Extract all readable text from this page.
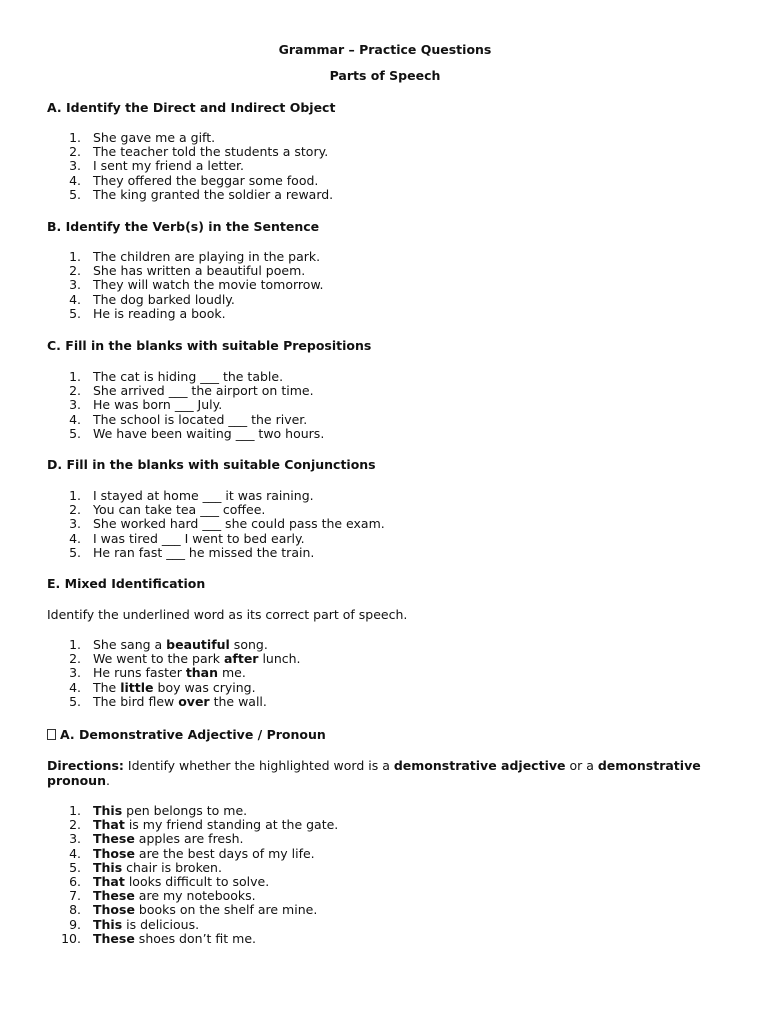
Grammar – Practice Questions
Parts of Speech
A. Identify the Direct and Indirect Object
1. She gave me a gift.
2. The teacher told the students a story.
3. I sent my friend a letter.
4. They offered the beggar some food.
5. The king granted the soldier a reward.
B. Identify the Verb(s) in the Sentence
1. The children are playing in the park.
2. She has written a beautiful poem.
3. They will watch the movie tomorrow.
4. The dog barked loudly.
5. He is reading a book.
C. Fill in the blanks with suitable Prepositions
1. The cat is hiding ___ the table.
2. She arrived ___ the airport on time.
3. He was born ___ July.
4. The school is located ___ the river.
5. We have been waiting ___ two hours.
D. Fill in the blanks with suitable Conjunctions
1. I stayed at home ___ it was raining.
2. You can take tea ___ coffee.
3. She worked hard ___ she could pass the exam.
4. I was tired ___ I went to bed early.
5. He ran fast ___ he missed the train.
E. Mixed Identification
Identify the underlined word as its correct part of speech.
1. She sang a beautiful song.
2. We went to the park after lunch.
3. He runs faster than me.
4. The little boy was crying.
5. The bird flew over the wall.
A. Demonstrative Adjective / Pronoun
Directions: Identify whether the highlighted word is a demonstrative adjective or a demonstrative pronoun.
1. This pen belongs to me.
2. That is my friend standing at the gate.
3. These apples are fresh.
4. Those are the best days of my life.
5. This chair is broken.
6. That looks difficult to solve.
7. These are my notebooks.
8. Those books on the shelf are mine.
9. This is delicious.
10. These shoes don’t fit me.
